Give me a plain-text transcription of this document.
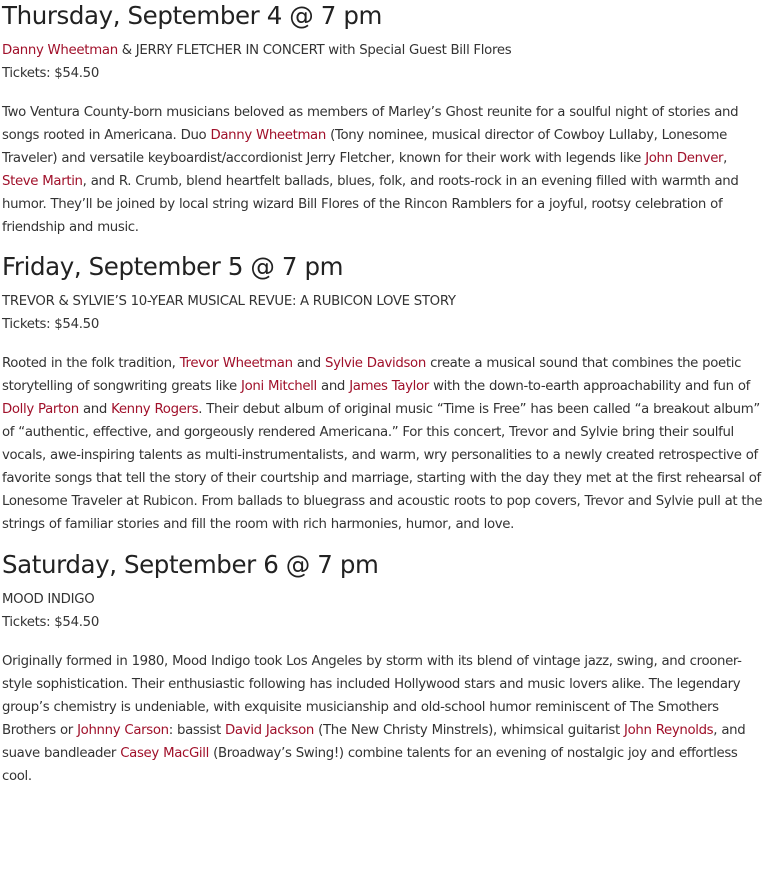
Thursday, September 4 @ 7 pm

Danny Wheetman & JERRY FLETCHER IN CONCERT with Special Guest Bill Flores

Tickets: $54.50

Two Ventura County-born musicians beloved as members of Marley’s Ghost reunite for a soulful night of stories and songs rooted in Americana. Duo Danny Wheetman (Tony nominee, musical director of Cowboy Lullaby, Lonesome Traveler) and versatile keyboardist/accordionist Jerry Fletcher, known for their work with legends like John Denver, Steve Martin, and R. Crumb, blend heartfelt ballads, blues, folk, and roots-rock in an evening filled with warmth and humor. They’ll be joined by local string wizard Bill Flores of the Rincon Ramblers for a joyful, rootsy celebration of friendship and music.

Friday, September 5 @ 7 pm

TREVOR & SYLVIE’S 10-YEAR MUSICAL REVUE: A RUBICON LOVE STORY

Tickets: $54.50

Rooted in the folk tradition, Trevor Wheetman and Sylvie Davidson create a musical sound that combines the poetic storytelling of songwriting greats like Joni Mitchell and James Taylor with the down-to-earth approachability and fun of Dolly Parton and Kenny Rogers. Their debut album of original music “Time is Free” has been called “a breakout album” of “authentic, effective, and gorgeously rendered Americana.” For this concert, Trevor and Sylvie bring their soulful vocals, awe-inspiring talents as multi-instrumentalists, and warm, wry personalities to a newly created retrospective of favorite songs that tell the story of their courtship and marriage, starting with the day they met at the first rehearsal of Lonesome Traveler at Rubicon. From ballads to bluegrass and acoustic roots to pop covers, Trevor and Sylvie pull at the strings of familiar stories and fill the room with rich harmonies, humor, and love.

Saturday, September 6 @ 7 pm

MOOD INDIGO

Tickets: $54.50

Originally formed in 1980, Mood Indigo took Los Angeles by storm with its blend of vintage jazz, swing, and crooner-style sophistication. Their enthusiastic following has included Hollywood stars and music lovers alike. The legendary group’s chemistry is undeniable, with exquisite musicianship and old-school humor reminiscent of The Smothers Brothers or Johnny Carson: bassist David Jackson (The New Christy Minstrels), whimsical guitarist John Reynolds, and suave bandleader Casey MacGill (Broadway’s Swing!) combine talents for an evening of nostalgic joy and effortless cool.
